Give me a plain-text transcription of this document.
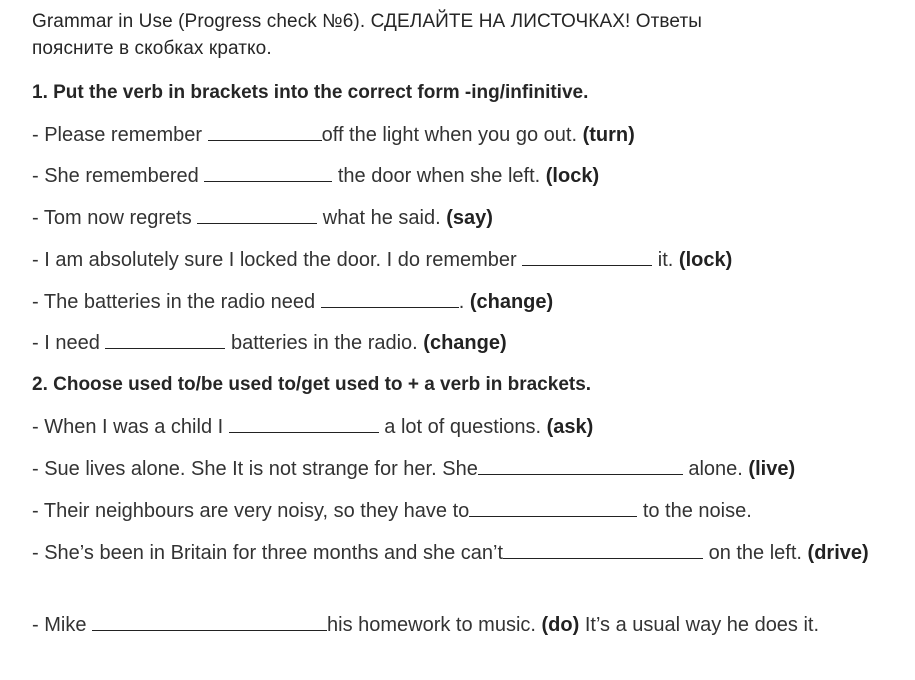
Grammar in Use (Progress check №6). СДЕЛАЙТЕ НА ЛИСТОЧКАХ! Ответы

поясните в скобках кратко.

1. Put the verb in brackets into the correct form -ing/infinitive.

- Please remember	off the light when you go out. (turn)
- She remembered	the door when she left. (lock)
- Tom now regrets	what he said. (say)
- I am absolutely sure I locked the door. I do remember	it. (lock)
- The batteries in the radio need	. (change)
- I need	batteries in the radio. (change)

2. Choose used to/be used to/get used to + a verb in brackets.

- When I was a child I	a lot of questions. (ask)
- Sue lives alone. She It is not strange for her. She	alone. (live)
- Their neighbours are very noisy, so they have to	to the noise.
- She’s been in Britain for three months and she can’t	on the left. (drive)
- Mike	his homework to music. (do) It’s a usual way he does it.
